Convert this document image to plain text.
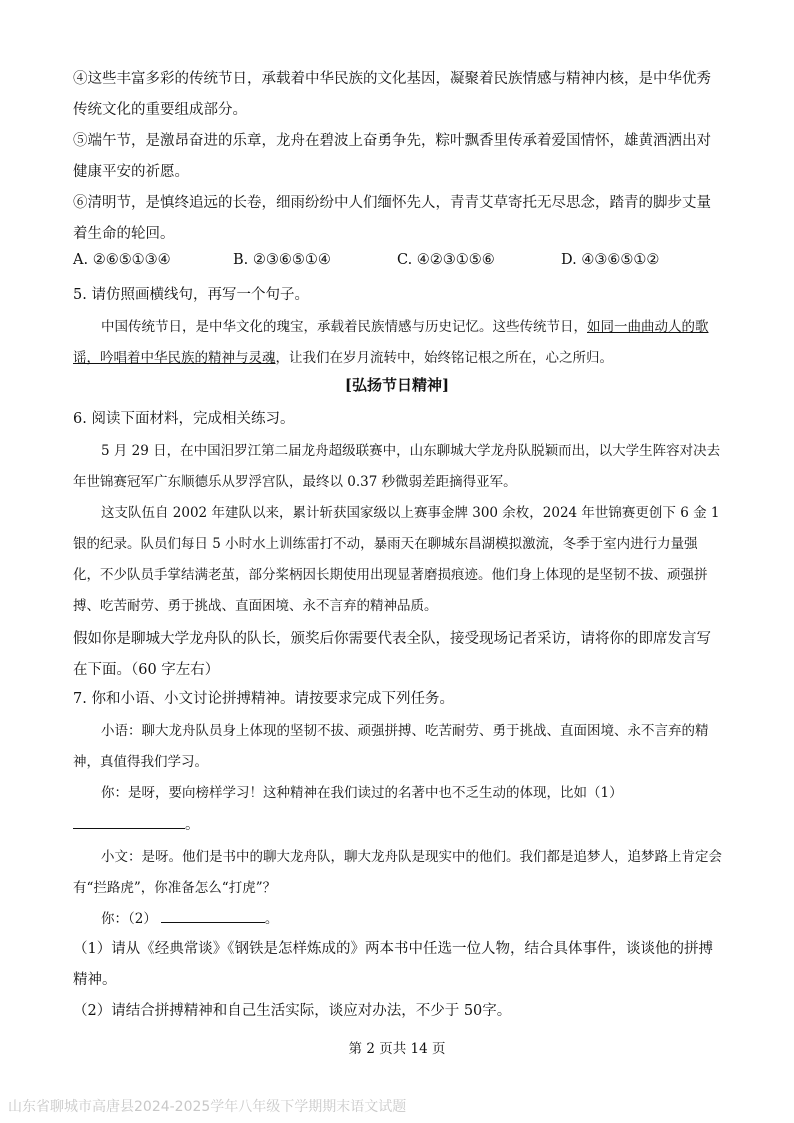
④这些丰富多彩的传统节日，承载着中华民族的文化基因，凝聚着民族情感与精神内核，是中华优秀传统文化的重要组成部分。

⑤端午节，是激昂奋进的乐章，龙舟在碧波上奋勇争先，粽叶飘香里传承着爱国情怀，雄黄酒洒出对健康平安的祈愿。

⑥清明节，是慎终追远的长卷，细雨纷纷中人们缅怀先人，青青艾草寄托无尽思念，踏青的脚步丈量着生命的轮回。

A. ②⑥⑤①③④	B. ②③⑥⑤①④	C. ④②③①⑤⑥	D. ④③⑥⑤①②

5. 请仿照画横线句，再写一个句子。

中国传统节日，是中华文化的瑰宝，承载着民族情感与历史记忆。这些传统节日，如同一曲曲动人的歌谣，吟唱着中华民族的精神与灵魂，让我们在岁月流转中，始终铭记根之所在，心之所归。

[弘扬节日精神]

6. 阅读下面材料，完成相关练习。

5 月 29 日，在中国汨罗江第二届龙舟超级联赛中，山东聊城大学龙舟队脱颖而出，以大学生阵容对决去年世锦赛冠军广东顺德乐从罗浮宫队，最终以 0.37 秒微弱差距摘得亚军。

这支队伍自 2002 年建队以来，累计斩获国家级以上赛事金牌 300 余枚，2024 年世锦赛更创下 6 金 1 银的纪录。队员们每日 5 小时水上训练雷打不动，暴雨天在聊城东昌湖模拟激流，冬季于室内进行力量强化，不少队员手掌结满老茧，部分桨柄因长期使用出现显著磨损痕迹。他们身上体现的是坚韧不拔、顽强拼搏、吃苦耐劳、勇于挑战、直面困境、永不言弃的精神品质。

假如你是聊城大学龙舟队的队长，颁奖后你需要代表全队，接受现场记者采访，请将你的即席发言写在下面。（60 字左右）

7. 你和小语、小文讨论拼搏精神。请按要求完成下列任务。

小语：聊大龙舟队员身上体现的坚韧不拔、顽强拼搏、吃苦耐劳、勇于挑战、直面困境、永不言弃的精神，真值得我们学习。

你：是呀，要向榜样学习！这种精神在我们读过的名著中也不乏生动的体现，比如（1）

。

小文：是呀。他们是书中的聊大龙舟队，聊大龙舟队是现实中的他们。我们都是追梦人，追梦路上肯定会有“拦路虎”，你准备怎么“打虎”？

你：（2）	。

（1）请从《经典常谈》《钢铁是怎样炼成的》两本书中任选一位人物，结合具体事件，谈谈他的拼搏精神。

（2）请结合拼搏精神和自己生活实际，谈应对办法，不少于 50字。

第 2 页共 14 页
山东省聊城市高唐县2024-2025学年八年级下学期期末语文试题
